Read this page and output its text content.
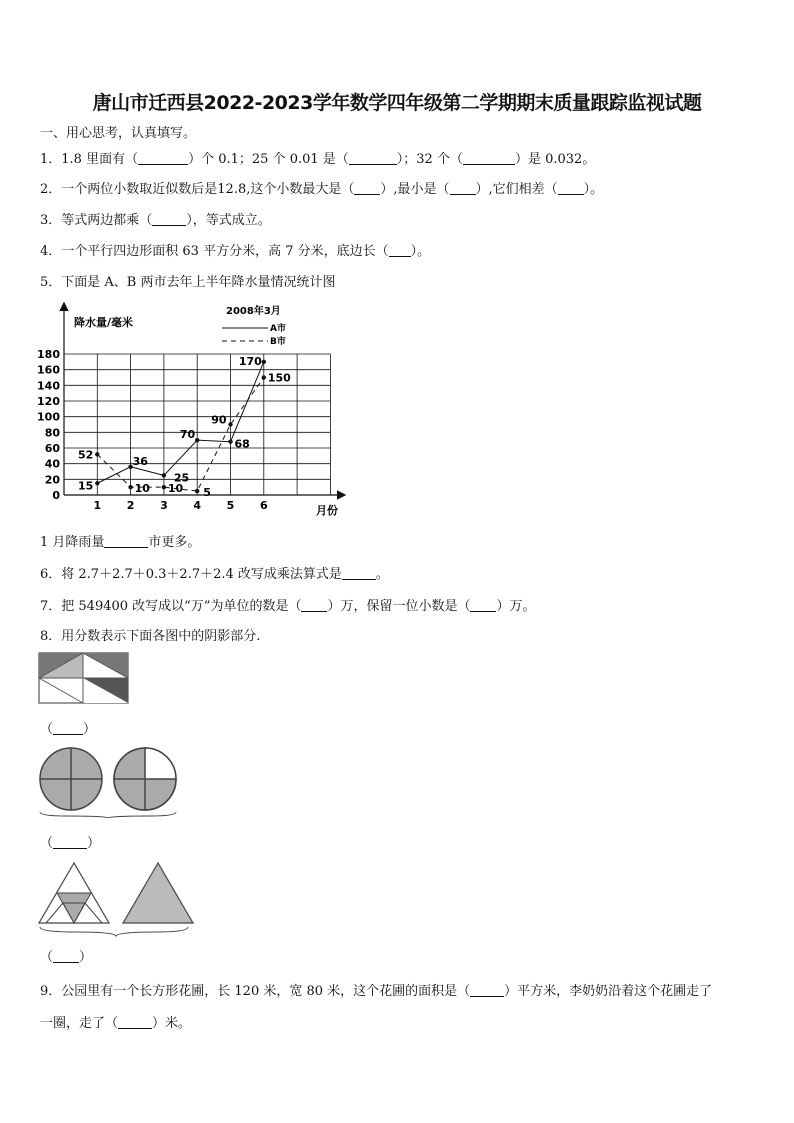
唐山市迁西县2022-2023学年数学四年级第二学期期末质量跟踪监视试题
一、用心思考，认真填写。
1．1.8 里面有（	）个 0.1；25 个 0.01 是（	）；32 个（	）是 0.032。
2．一个两位小数取近似数后是12.8,这个小数最大是（ ）,最小是（ ）,它们相差（ ）。
3．等式两边都乘（	），等式成立。
4．一个平行四边形面积 63 平方分米，高 7 分米，底边长（ ）。
5．下面是 A、B 两市去年上半年降水量情况统计图
降水量/毫米
月份
2008年3月
A市
B市
0
20
40
60
80
100
120
140
160
180
1 2 3 4 5 6
15
36
25
70
68
170
52
10 10 5
90
150
1 月降雨量	市更多。
6．将 2.7＋2.7＋0.3＋2.7＋2.4 改写成乘法算式是	。
7．把 549400 改写成以“万”为单位的数是（ ）万，保留一位小数是（ ）万。
8．用分数表示下面各图中的阴影部分.
（ ）
（	）
（ ）
9．公园里有一个长方形花圃，长 120 米，宽 80 米，这个花圃的面积是（	）平方米，李奶奶沿着这个花圃走了
一圈，走了（	）米。
